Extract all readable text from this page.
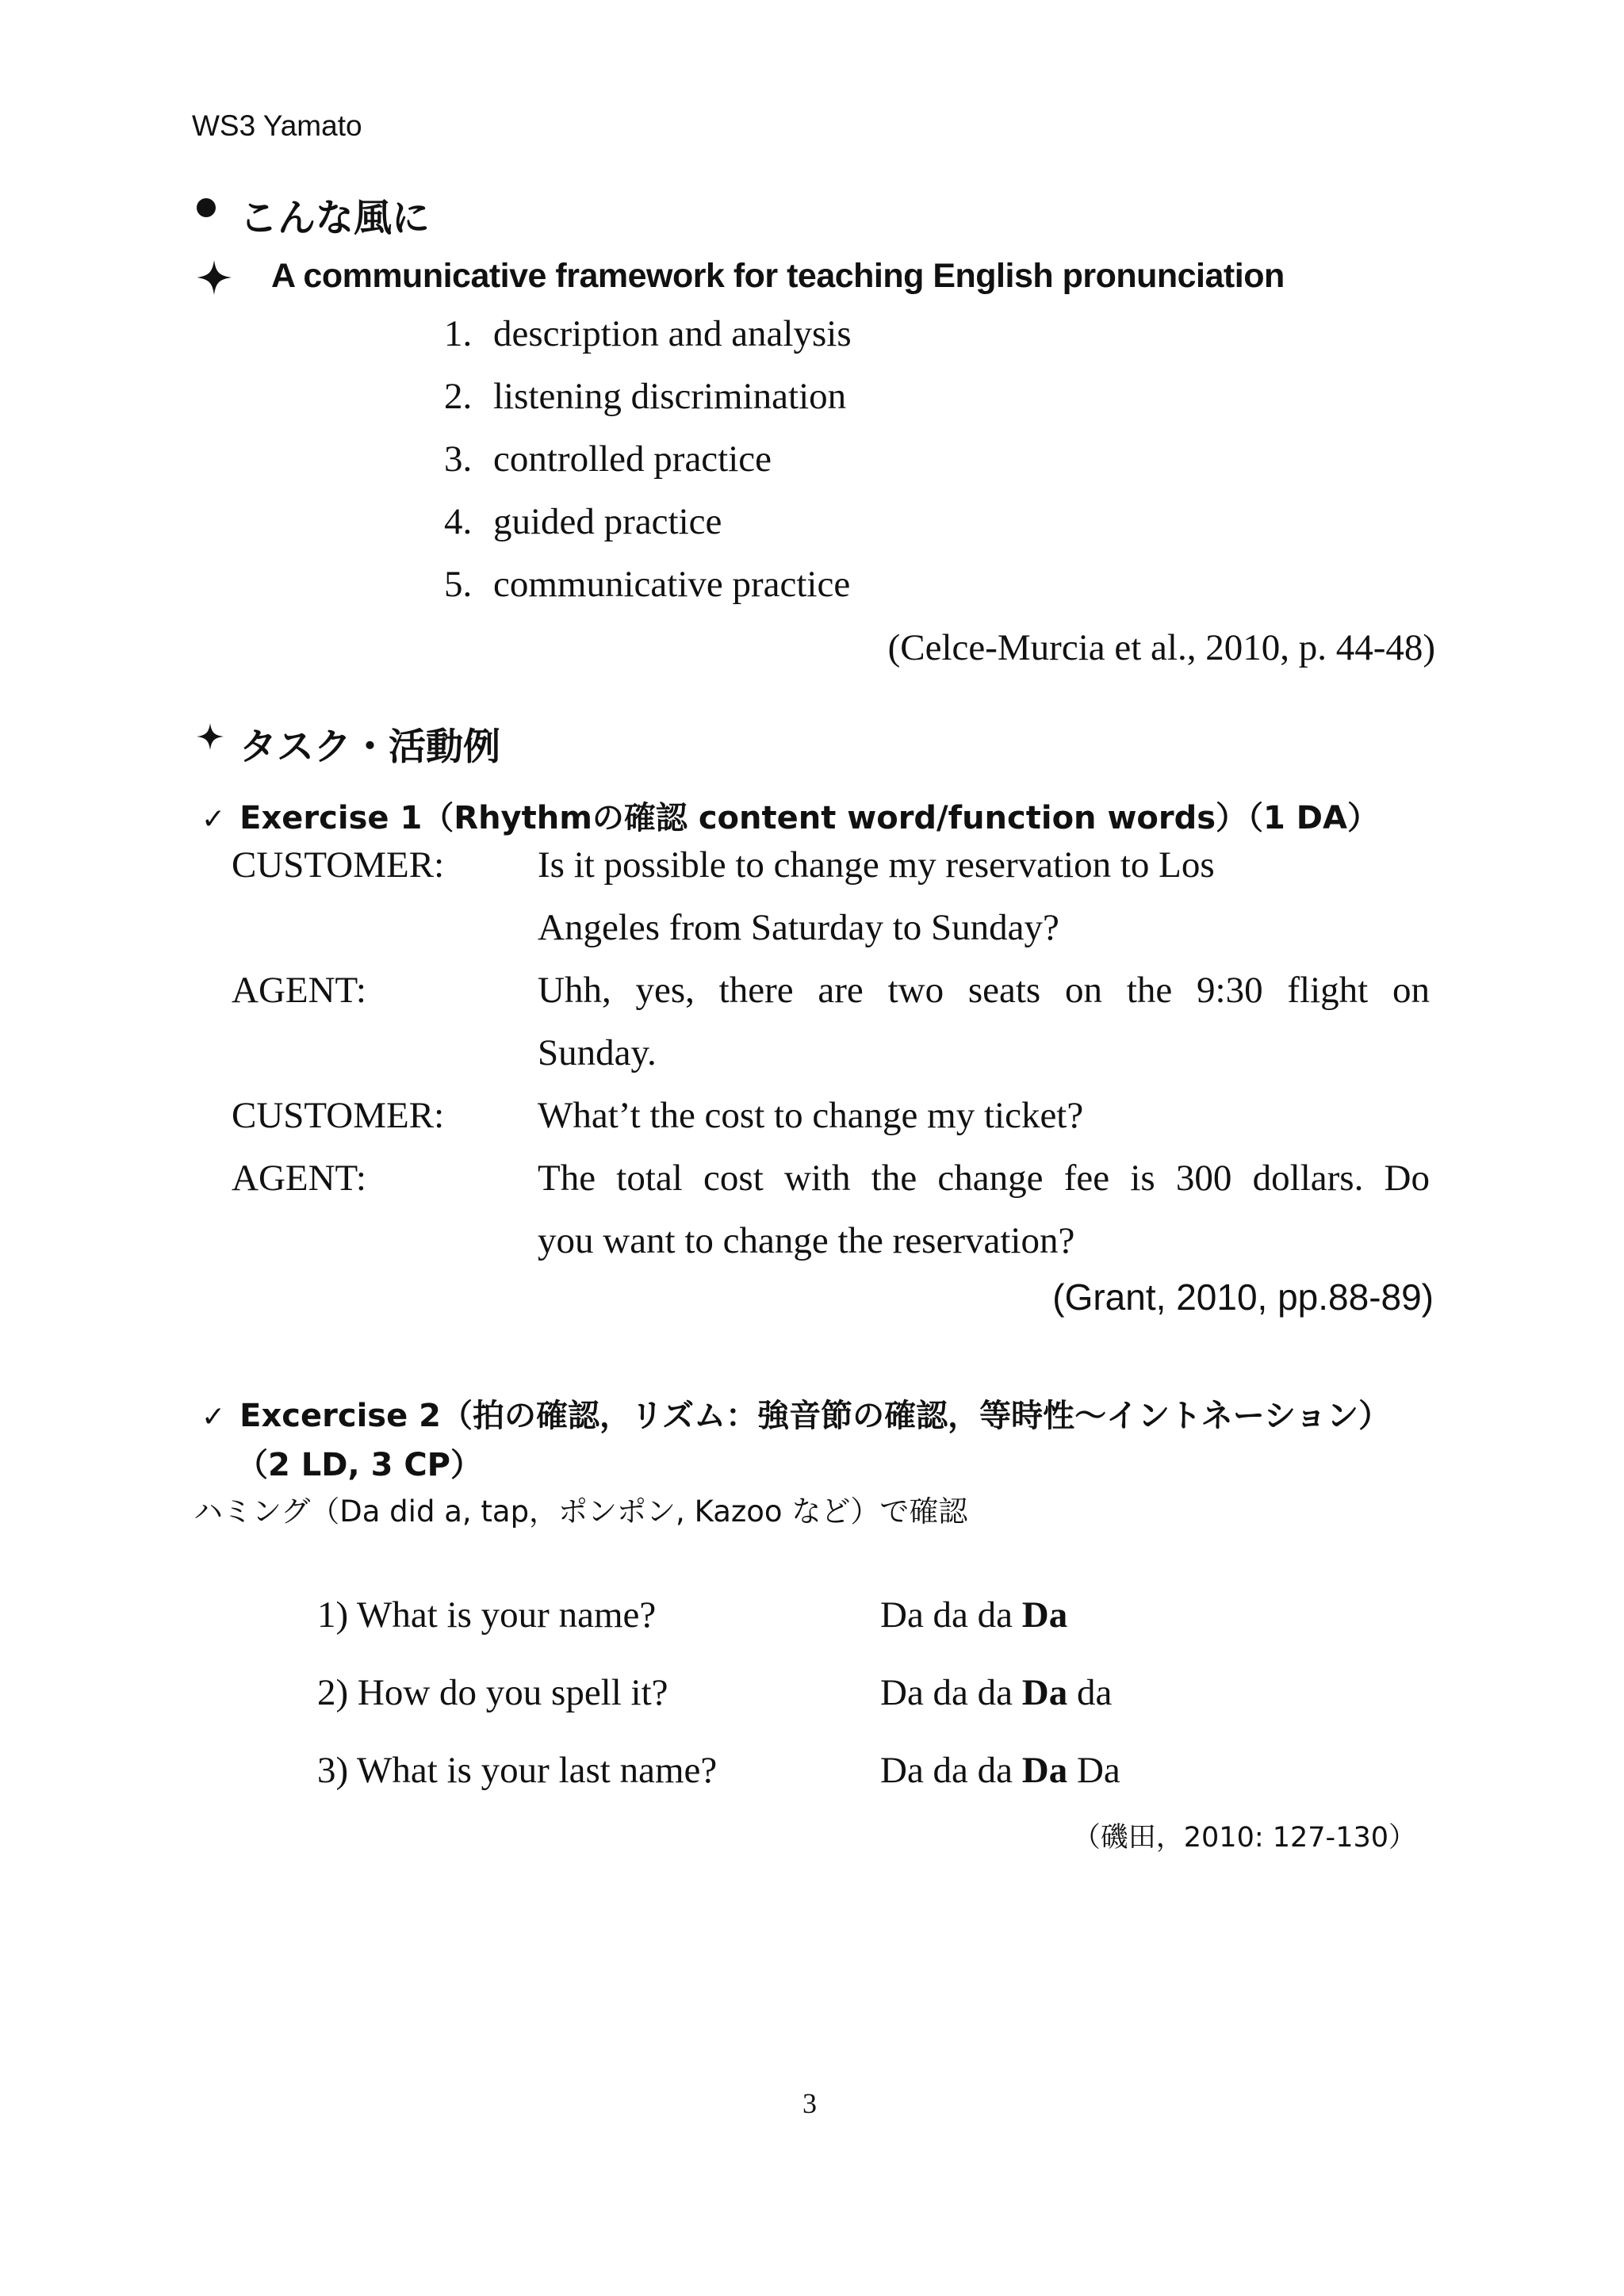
WS3 Yamato
こんな風に
A communicative framework for teaching English pronunciation
1. description and analysis
2. listening discrimination
3. controlled practice
4. guided practice
5. communicative practice
(Celce-Murcia et al., 2010, p. 44-48)
タスク・活動例
✓ Exercise 1（Rhythmの確認 content word/function words）（1 DA）
CUSTOMER:	Is it possible to change my reservation to Los
Angeles from Saturday to Sunday?
AGENT:	Uhh, yes, there are two seats on the 9:30 flight on
Sunday.
CUSTOMER:	What’t the cost to change my ticket?
AGENT:	The total cost with the change fee is 300 dollars. Do
you want to change the reservation?
(Grant, 2010, pp.88-89)
✓ Excercise 2（拍の確認，リズム：強音節の確認，等時性〜イントネーション）
（2 LD, 3 CP）
ハミング（Da did a, tap，ポンポン, Kazoo など）で確認
1) What is your name?	Da da da Da
2) How do you spell it?	Da da da Da da
3) What is your last name?	Da da da Da Da
（磯田，2010: 127-130）
3
